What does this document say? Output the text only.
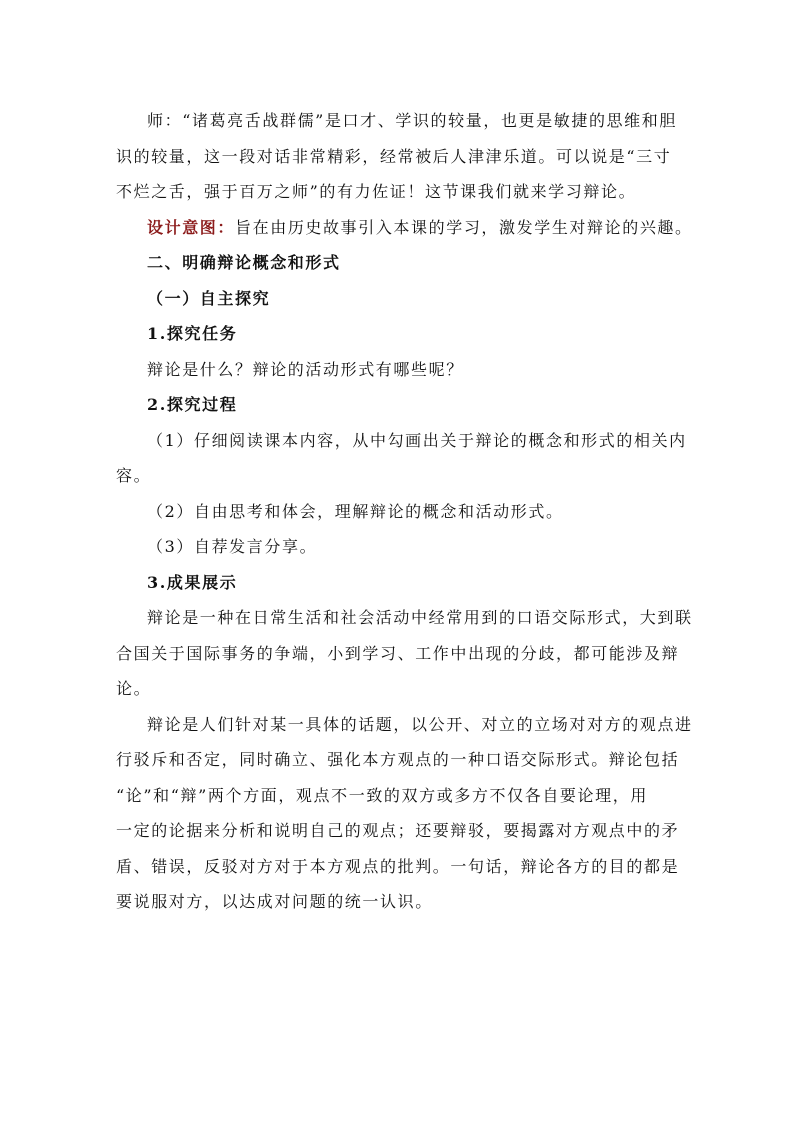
师：“诸葛亮舌战群儒”是口才、学识的较量，也更是敏捷的思维和胆
识的较量，这一段对话非常精彩，经常被后人津津乐道。可以说是“三寸
不烂之舌，强于百万之师”的有力佐证！这节课我们就来学习辩论。
设计意图：旨在由历史故事引入本课的学习，激发学生对辩论的兴趣。
二、明确辩论概念和形式
（一）自主探究
1.探究任务
辩论是什么？辩论的活动形式有哪些呢？
2.探究过程
（1）仔细阅读课本内容，从中勾画出关于辩论的概念和形式的相关内
容。
（2）自由思考和体会，理解辩论的概念和活动形式。
（3）自荐发言分享。
3.成果展示
辩论是一种在日常生活和社会活动中经常用到的口语交际形式，大到联
合国关于国际事务的争端，小到学习、工作中出现的分歧，都可能涉及辩
论。
辩论是人们针对某一具体的话题，以公开、对立的立场对对方的观点进
行驳斥和否定，同时确立、强化本方观点的一种口语交际形式。辩论包括
“论”和“辩”两个方面，观点不一致的双方或多方不仅各自要论理，用
一定的论据来分析和说明自己的观点；还要辩驳，要揭露对方观点中的矛
盾、错误，反驳对方对于本方观点的批判。一句话，辩论各方的目的都是
要说服对方，以达成对问题的统一认识。
